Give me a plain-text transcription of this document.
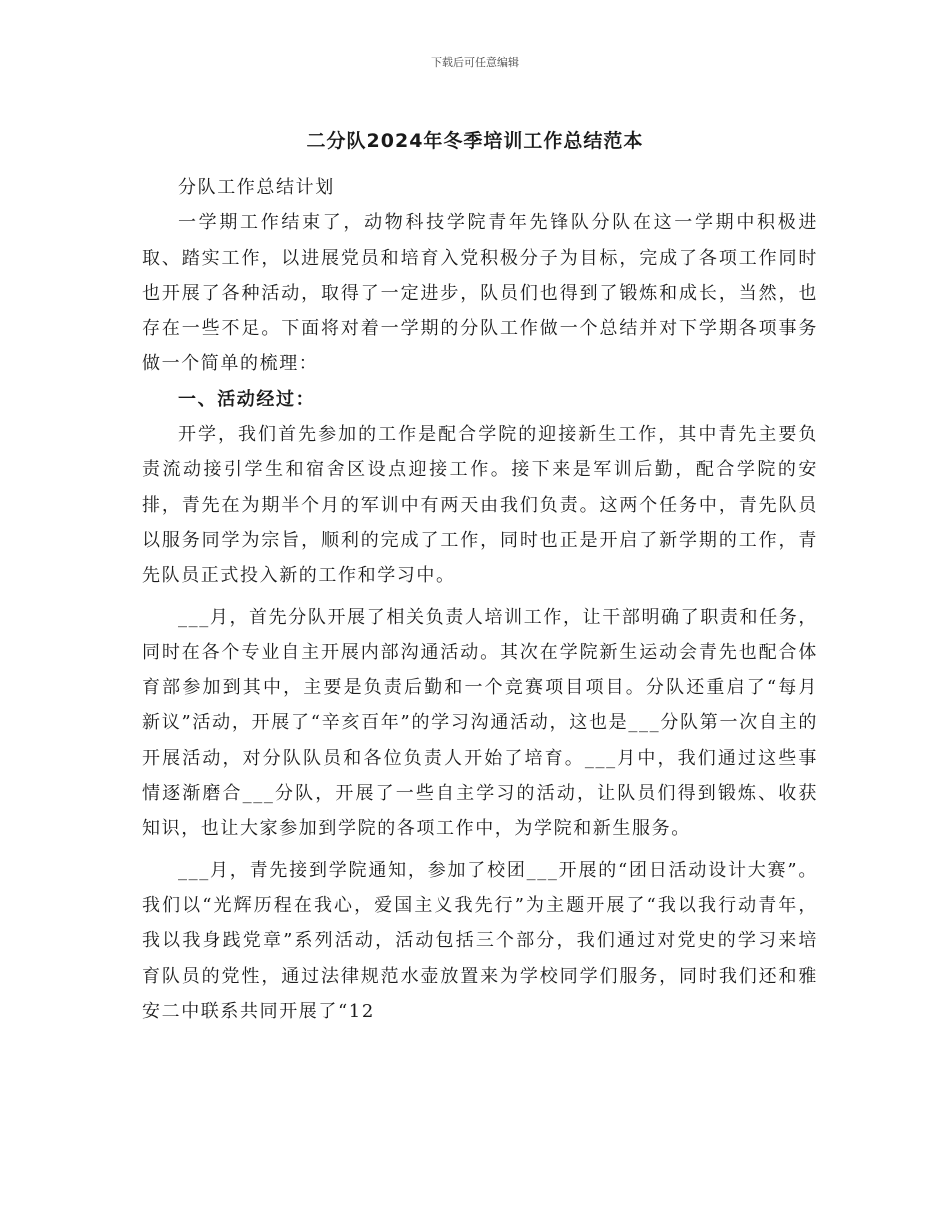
下载后可任意编辑
二分队2024年冬季培训工作总结范本

分队工作总结计划

一学期工作结束了，动物科技学院青年先锋队分队在这一学期中积极进取、踏实工作，以进展党员和培育入党积极分子为目标，完成了各项工作同时也开展了各种活动，取得了一定进步，队员们也得到了锻炼和成长，当然，也存在一些不足。下面将对着一学期的分队工作做一个总结并对下学期各项事务做一个简单的梳理：

一、活动经过：

开学，我们首先参加的工作是配合学院的迎接新生工作，其中青先主要负责流动接引学生和宿舍区设点迎接工作。接下来是军训后勤，配合学院的安排，青先在为期半个月的军训中有两天由我们负责。这两个任务中，青先队员以服务同学为宗旨，顺利的完成了工作，同时也正是开启了新学期的工作，青先队员正式投入新的工作和学习中。

___月，首先分队开展了相关负责人培训工作，让干部明确了职责和任务，同时在各个专业自主开展内部沟通活动。其次在学院新生运动会青先也配合体育部参加到其中，主要是负责后勤和一个竞赛项目项目。分队还重启了“每月新议”活动，开展了“辛亥百年”的学习沟通活动，这也是___分队第一次自主的开展活动，对分队队员和各位负责人开始了培育。___月中，我们通过这些事情逐渐磨合___分队，开展了一些自主学习的活动，让队员们得到锻炼、收获知识，也让大家参加到学院的各项工作中，为学院和新生服务。

___月，青先接到学院通知，参加了校团___开展的“团日活动设计大赛”。我们以“光辉历程在我心，爱国主义我先行”为主题开展了“我以我行动青年，我以我身践党章”系列活动，活动包括三个部分，我们通过对党史的学习来培育队员的党性，通过法律规范水壶放置来为学校同学们服务，同时我们还和雅安二中联系共同开展了“12
